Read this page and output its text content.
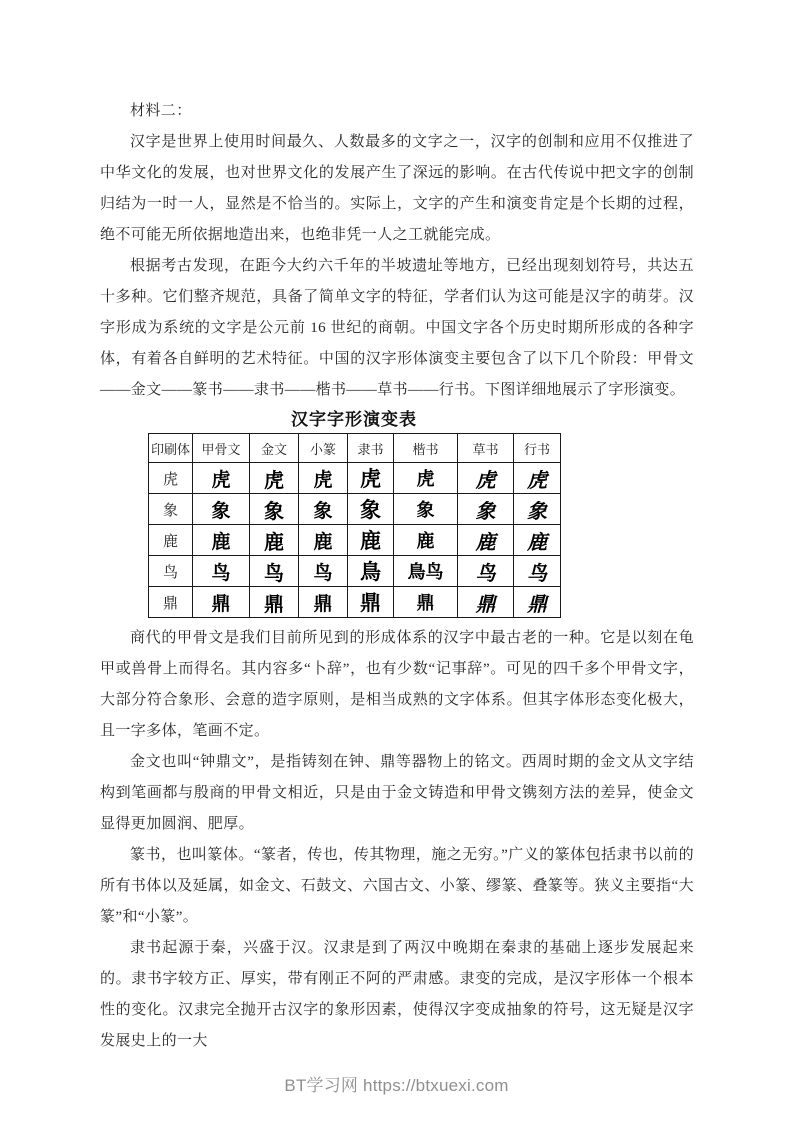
材料二：

汉字是世界上使用时间最久、人数最多的文字之一，汉字的创制和应用不仅推进了中华文化的发展，也对世界文化的发展产生了深远的影响。在古代传说中把文字的创制归结为一时一人，显然是不恰当的。实际上，文字的产生和演变肯定是个长期的过程，绝不可能无所依据地造出来，也绝非凭一人之工就能完成。

根据考古发现，在距今大约六千年的半坡遗址等地方，已经出现刻划符号，共达五十多种。它们整齐规范，具备了简单文字的特征，学者们认为这可能是汉字的萌芽。汉字形成为系统的文字是公元前 16 世纪的商朝。中国文字各个历史时期所形成的各种字体，有着各自鲜明的艺术特征。中国的汉字形体演变主要包含了以下几个阶段：甲骨文——金文——篆书——隶书——楷书——草书——行书。下图详细地展示了字形演变。

汉字字形演变表
印刷体	甲骨文	金文	小篆	隶书	楷书	草书	行书
虎	虎	虎	虎	虎	虎	虎	虎
象	象	象	象	象	象	象	象
鹿	鹿	鹿	鹿	鹿	鹿	鹿	鹿
鸟	鸟	鸟	鸟	鳥	鳥鸟	鸟	鸟
鼎	鼎	鼎	鼎	鼎	鼎	鼎	鼎

商代的甲骨文是我们目前所见到的形成体系的汉字中最古老的一种。它是以刻在龟甲或兽骨上而得名。其内容多“卜辞”，也有少数“记事辞”。可见的四千多个甲骨文字，大部分符合象形、会意的造字原则，是相当成熟的文字体系。但其字体形态变化极大，且一字多体，笔画不定。

金文也叫“钟鼎文”，是指铸刻在钟、鼎等器物上的铭文。西周时期的金文从文字结构到笔画都与殷商的甲骨文相近，只是由于金文铸造和甲骨文镌刻方法的差异，使金文显得更加圆润、肥厚。

篆书，也叫篆体。“篆者，传也，传其物理，施之无穷。”广义的篆体包括隶书以前的所有书体以及延属，如金文、石鼓文、六国古文、小篆、缪篆、叠篆等。狭义主要指“大篆”和“小篆”。

隶书起源于秦，兴盛于汉。汉隶是到了两汉中晚期在秦隶的基础上逐步发展起来的。隶书字较方正、厚实，带有刚正不阿的严肃感。隶变的完成，是汉字形体一个根本性的变化。汉隶完全抛开古汉字的象形因素，使得汉字变成抽象的符号，这无疑是汉字发展史上的一大

BT学习网 https://btxuexi.com
